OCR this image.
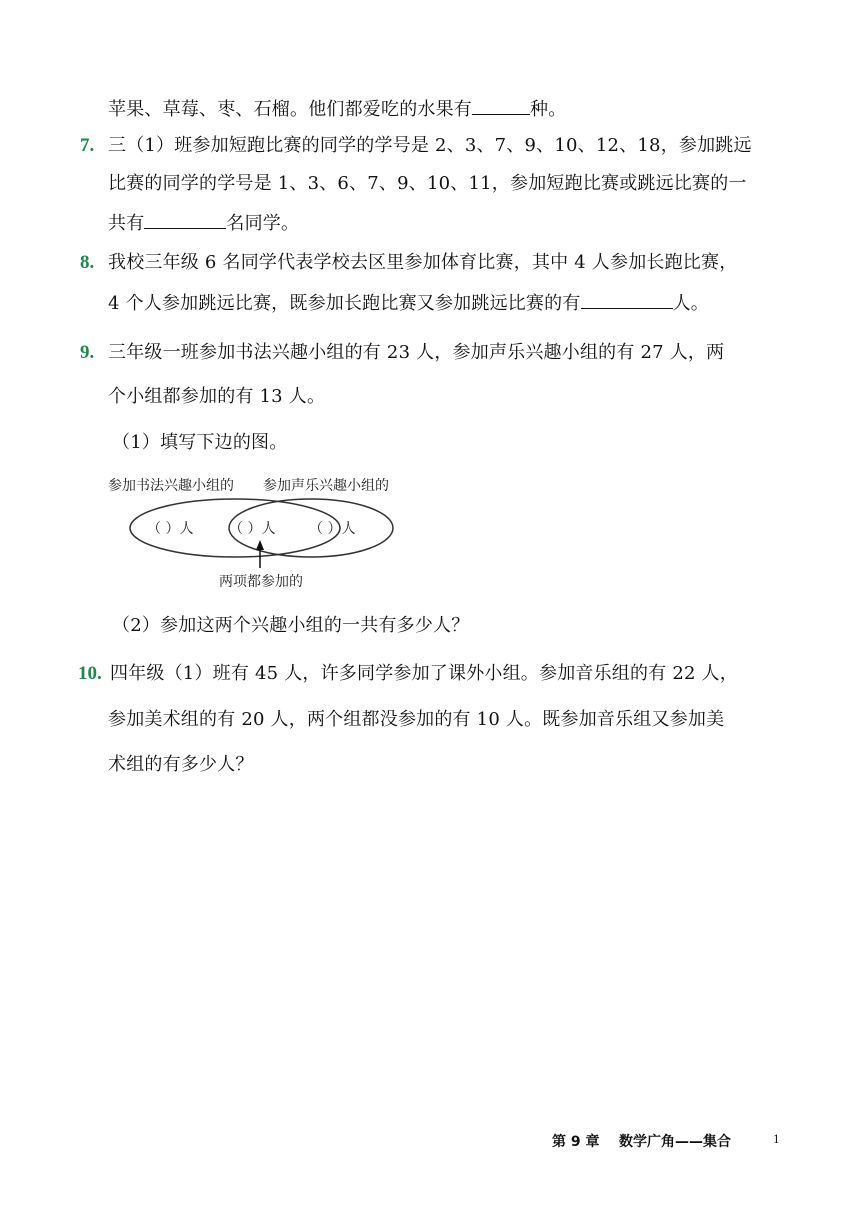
苹果、草莓、枣、石榴。他们都爱吃的水果有	种。
7. 三（1）班参加短跑比赛的同学的学号是 2、3、7、9、10、12、18，参加跳远
比赛的同学的学号是 1、3、6、7、9、10、11，参加短跑比赛或跳远比赛的一
共有	名同学。
8. 我校三年级 6 名同学代表学校去区里参加体育比赛，其中 4 人参加长跑比赛，
4 个人参加跳远比赛，既参加长跑比赛又参加跳远比赛的有	人。
9. 三年级一班参加书法兴趣小组的有 23 人，参加声乐兴趣小组的有 27 人，两
个小组都参加的有 13 人。
（1）填写下边的图。
参加书法兴趣小组的 参加声乐兴趣小组的
（ ）人	（ ）人 （ ）人
两项都参加的
（2）参加这两个兴趣小组的一共有多少人？
10. 四年级（1）班有 45 人，许多同学参加了课外小组。参加音乐组的有 22 人，
参加美术组的有 20 人，两个组都没参加的有 10 人。既参加音乐组又参加美
术组的有多少人？
第 9 章    数学广角——集合	1
